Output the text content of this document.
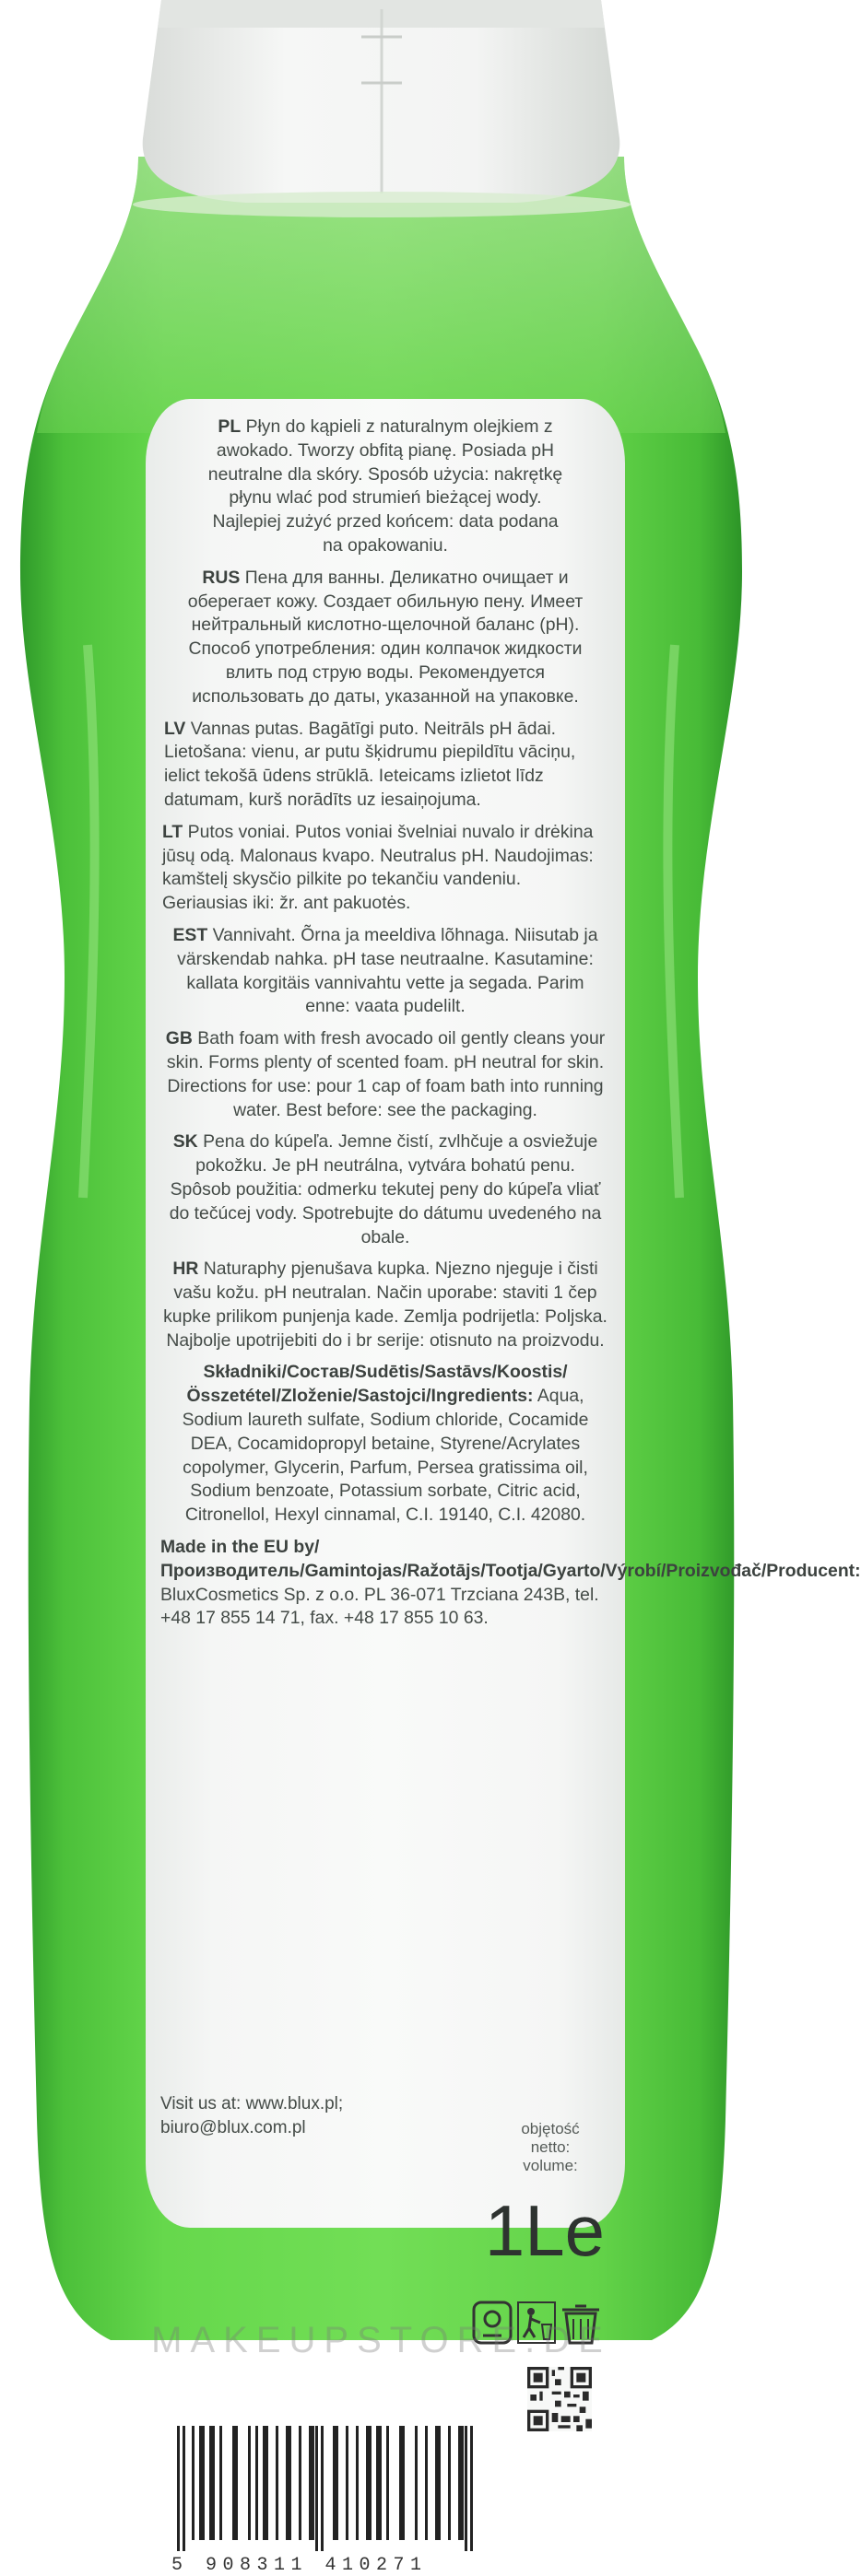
PL Płyn do kąpieli z naturalnym olejkiem z awokado. Tworzy obfitą pianę. Posiada pH neutralne dla skóry. Sposób użycia: nakrętkę płynu wlać pod strumień bieżącej wody. Najlepiej zużyć przed końcem: data podana na opakowaniu.

RUS Пена для ванны. Деликатно очищает и оберегает кожу. Создает обильную пену. Имеет нейтральный кислотно-щелочной баланс (pH). Способ употребления: один колпачок жидкости влить под струю воды. Рекомендуется использовать до даты, указанной на упаковке.

LV Vannas putas. Bagātīgi puto. Neitrāls pH ādai. Lietošana: vienu, ar putu šķidrumu piepildītu vāciņu, ielict tekošā ūdens strūklā. Ieteicams izlietot līdz datumam, kurš norādīts uz iesaiņojuma.

LT Putos voniai. Putos voniai švelniai nuvalo ir drėkina jūsų odą. Malonaus kvapo. Neutralus pH. Naudojimas: kamštelį skysčio pilkite po tekančiu vandeniu. Geriausias iki: žr. ant pakuotės.

EST Vannivaht. Õrna ja meeldiva lõhnaga. Niisutab ja värskendab nahka. pH tase neutraalne. Kasutamine: kallata korgitäis vannivahtu vette ja segada. Parim enne: vaata pudelilt.

GB Bath foam with fresh avocado oil gently cleans your skin. Forms plenty of scented foam. pH neutral for skin. Directions for use: pour 1 cap of foam bath into running water. Best before: see the packaging.

SK Pena do kúpeľa. Jemne čistí, zvlhčuje a osviežuje pokožku. Je pH neutrálna, vytvára bohatú penu. Spôsob použitia: odmerku tekutej peny do kúpeľa vliať do tečúcej vody. Spotrebujte do dátumu uvedeného na obale.

HR Naturaphy pjenušava kupka. Njezno njeguje i čisti vašu kožu. pH neutralan. Način uporabe: staviti 1 čep kupke prilikom punjenja kade. Zemlja podrijetla: Poljska. Najbolje upotrijebiti do i br serije: otisnuto na proizvodu.

Składniki/Состав/Sudētis/Sastāvs/Koostis/Összetétel/Zloženie/Sastojci/Ingredients: Aqua, Sodium laureth sulfate, Sodium chloride, Cocamide DEA, Cocamidopropyl betaine, Styrene/Acrylates copolymer, Glycerin, Parfum, Persea gratissima oil, Sodium benzoate, Potassium sorbate, Citric acid, Citronellol, Hexyl cinnamal, C.I. 19140, C.I. 42080.

Made in the EU by/Производитель/Gamintojas/Ražotājs/Tootja/Gyarto/Výrobí/Proizvođač/Producent: BluxCosmetics Sp. z o.o. PL 36-071 Trzciana 243B, tel. +48 17 855 14 71, fax. +48 17 855 10 63.

Visit us at: www.blux.pl;
biuro@blux.com.pl	objętość
netto:
volume:
1Le
5 908311 410271
MAKEUPSTORE.DE
